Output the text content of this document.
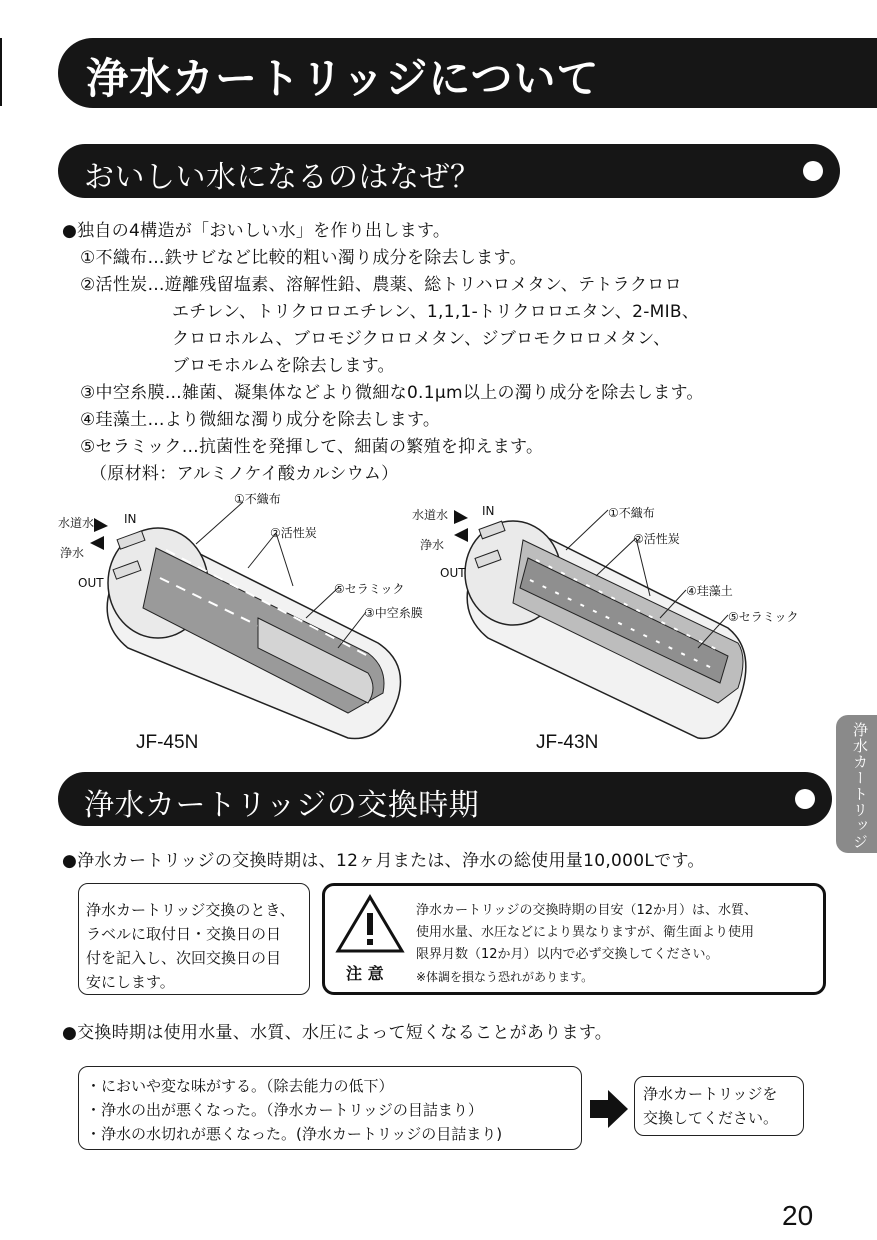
浄水カートリッジについて
おいしい水になるのはなぜ？
●独自の4構造が「おいしい水」を作り出します。
①不織布…鉄サビなど比較的粗い濁り成分を除去します。
②活性炭…遊離残留塩素、溶解性鉛、農薬、総トリハロメタン、テトラクロロ
エチレン、トリクロロエチレン、1,1,1-トリクロロエタン、2-MIB、
クロロホルム、ブロモジクロロメタン、ジブロモクロロメタン、
ブロモホルムを除去します。
③中空糸膜…雑菌、凝集体などより微細な0.1μm以上の濁り成分を除去します。
④珪藻土…より微細な濁り成分を除去します。
⑤セラミック…抗菌性を発揮して、細菌の繁殖を抑えます。
（原材料：アルミノケイ酸カルシウム）
①不織布
水道水 IN
②活性炭
浄水
OUT	⑤セラミック
③中空糸膜
JF-45N
水道水	IN	①不織布
浄水	②活性炭
OUT
④珪藻土
⑤セラミック
JF-43N	浄水カートリッジ
浄水カートリッジの交換時期
●浄水カートリッジの交換時期は、12ヶ月または、浄水の総使用量10,000Lです。
浄水カートリッジ交換のとき、
ラベルに取付日・交換日の日
付を記入し、次回交換日の目
安にします。	注 意
浄水カートリッジの交換時期の目安（12か月）は、水質、
使用水量、水圧などにより異なりますが、衛生面より使用
限界月数（12か月）以内で必ず交換してください。
※体調を損なう恐れがあります。
●交換時期は使用水量、水質、水圧によって短くなることがあります。
・においや変な味がする。（除去能力の低下）
・浄水の出が悪くなった。（浄水カートリッジの目詰まり）
・浄水の水切れが悪くなった。(浄水カートリッジの目詰まり)
浄水カートリッジを
交換してください。
20
